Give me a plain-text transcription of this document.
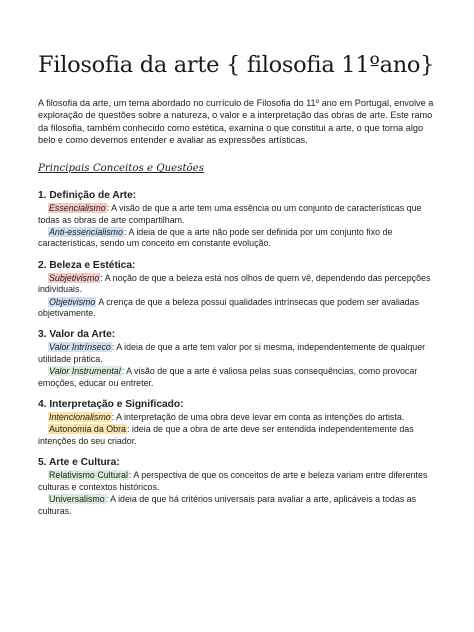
Filosofia da arte { filosofia 11ºano}

A filosofia da arte, um tema abordado no currículo de Filosofia do 11º ano em Portugal, envolve a exploração de questões sobre a natureza, o valor e a interpretação das obras de arte. Este ramo da filosofia, também conhecido como estética, examina o que constitui a arte, o que torna algo belo e como devemos entender e avaliar as expressões artísticas.

Principais Conceitos e Questões
1. Definição de Arte:
Essencialismo: A visão de que a arte tem uma essência ou um conjunto de características que todas as obras de arte compartilham.
Anti-essencialismo: A ideia de que a arte não pode ser definida por um conjunto fixo de características, sendo um conceito em constante evolução.
2. Beleza e Estética:
Subjetivismo: A noção de que a beleza está nos olhos de quem vê, dependendo das percepções individuais.
Objetivismo A crença de que a beleza possui qualidades intrínsecas que podem ser avaliadas objetivamente.
3. Valor da Arte:
Valor Intrínseco: A ideia de que a arte tem valor por si mesma, independentemente de qualquer utilidade prática.
Valor Instrumental: A visão de que a arte é valiosa pelas suas consequências, como provocar emoções, educar ou entreter.
4. Interpretação e Significado:
Intencionalismo: A interpretação de uma obra deve levar em conta as intenções do artista.
Autonomia da Obra: ideia de que a obra de arte deve ser entendida independentemente das intenções do seu criador.
5. Arte e Cultura:
Relativismo Cultural: A perspectiva de que os conceitos de arte e beleza variam entre diferentes culturas e contextos históricos.
Universalismo: A ideia de que há critérios universais para avaliar a arte, aplicáveis a todas as culturas.
